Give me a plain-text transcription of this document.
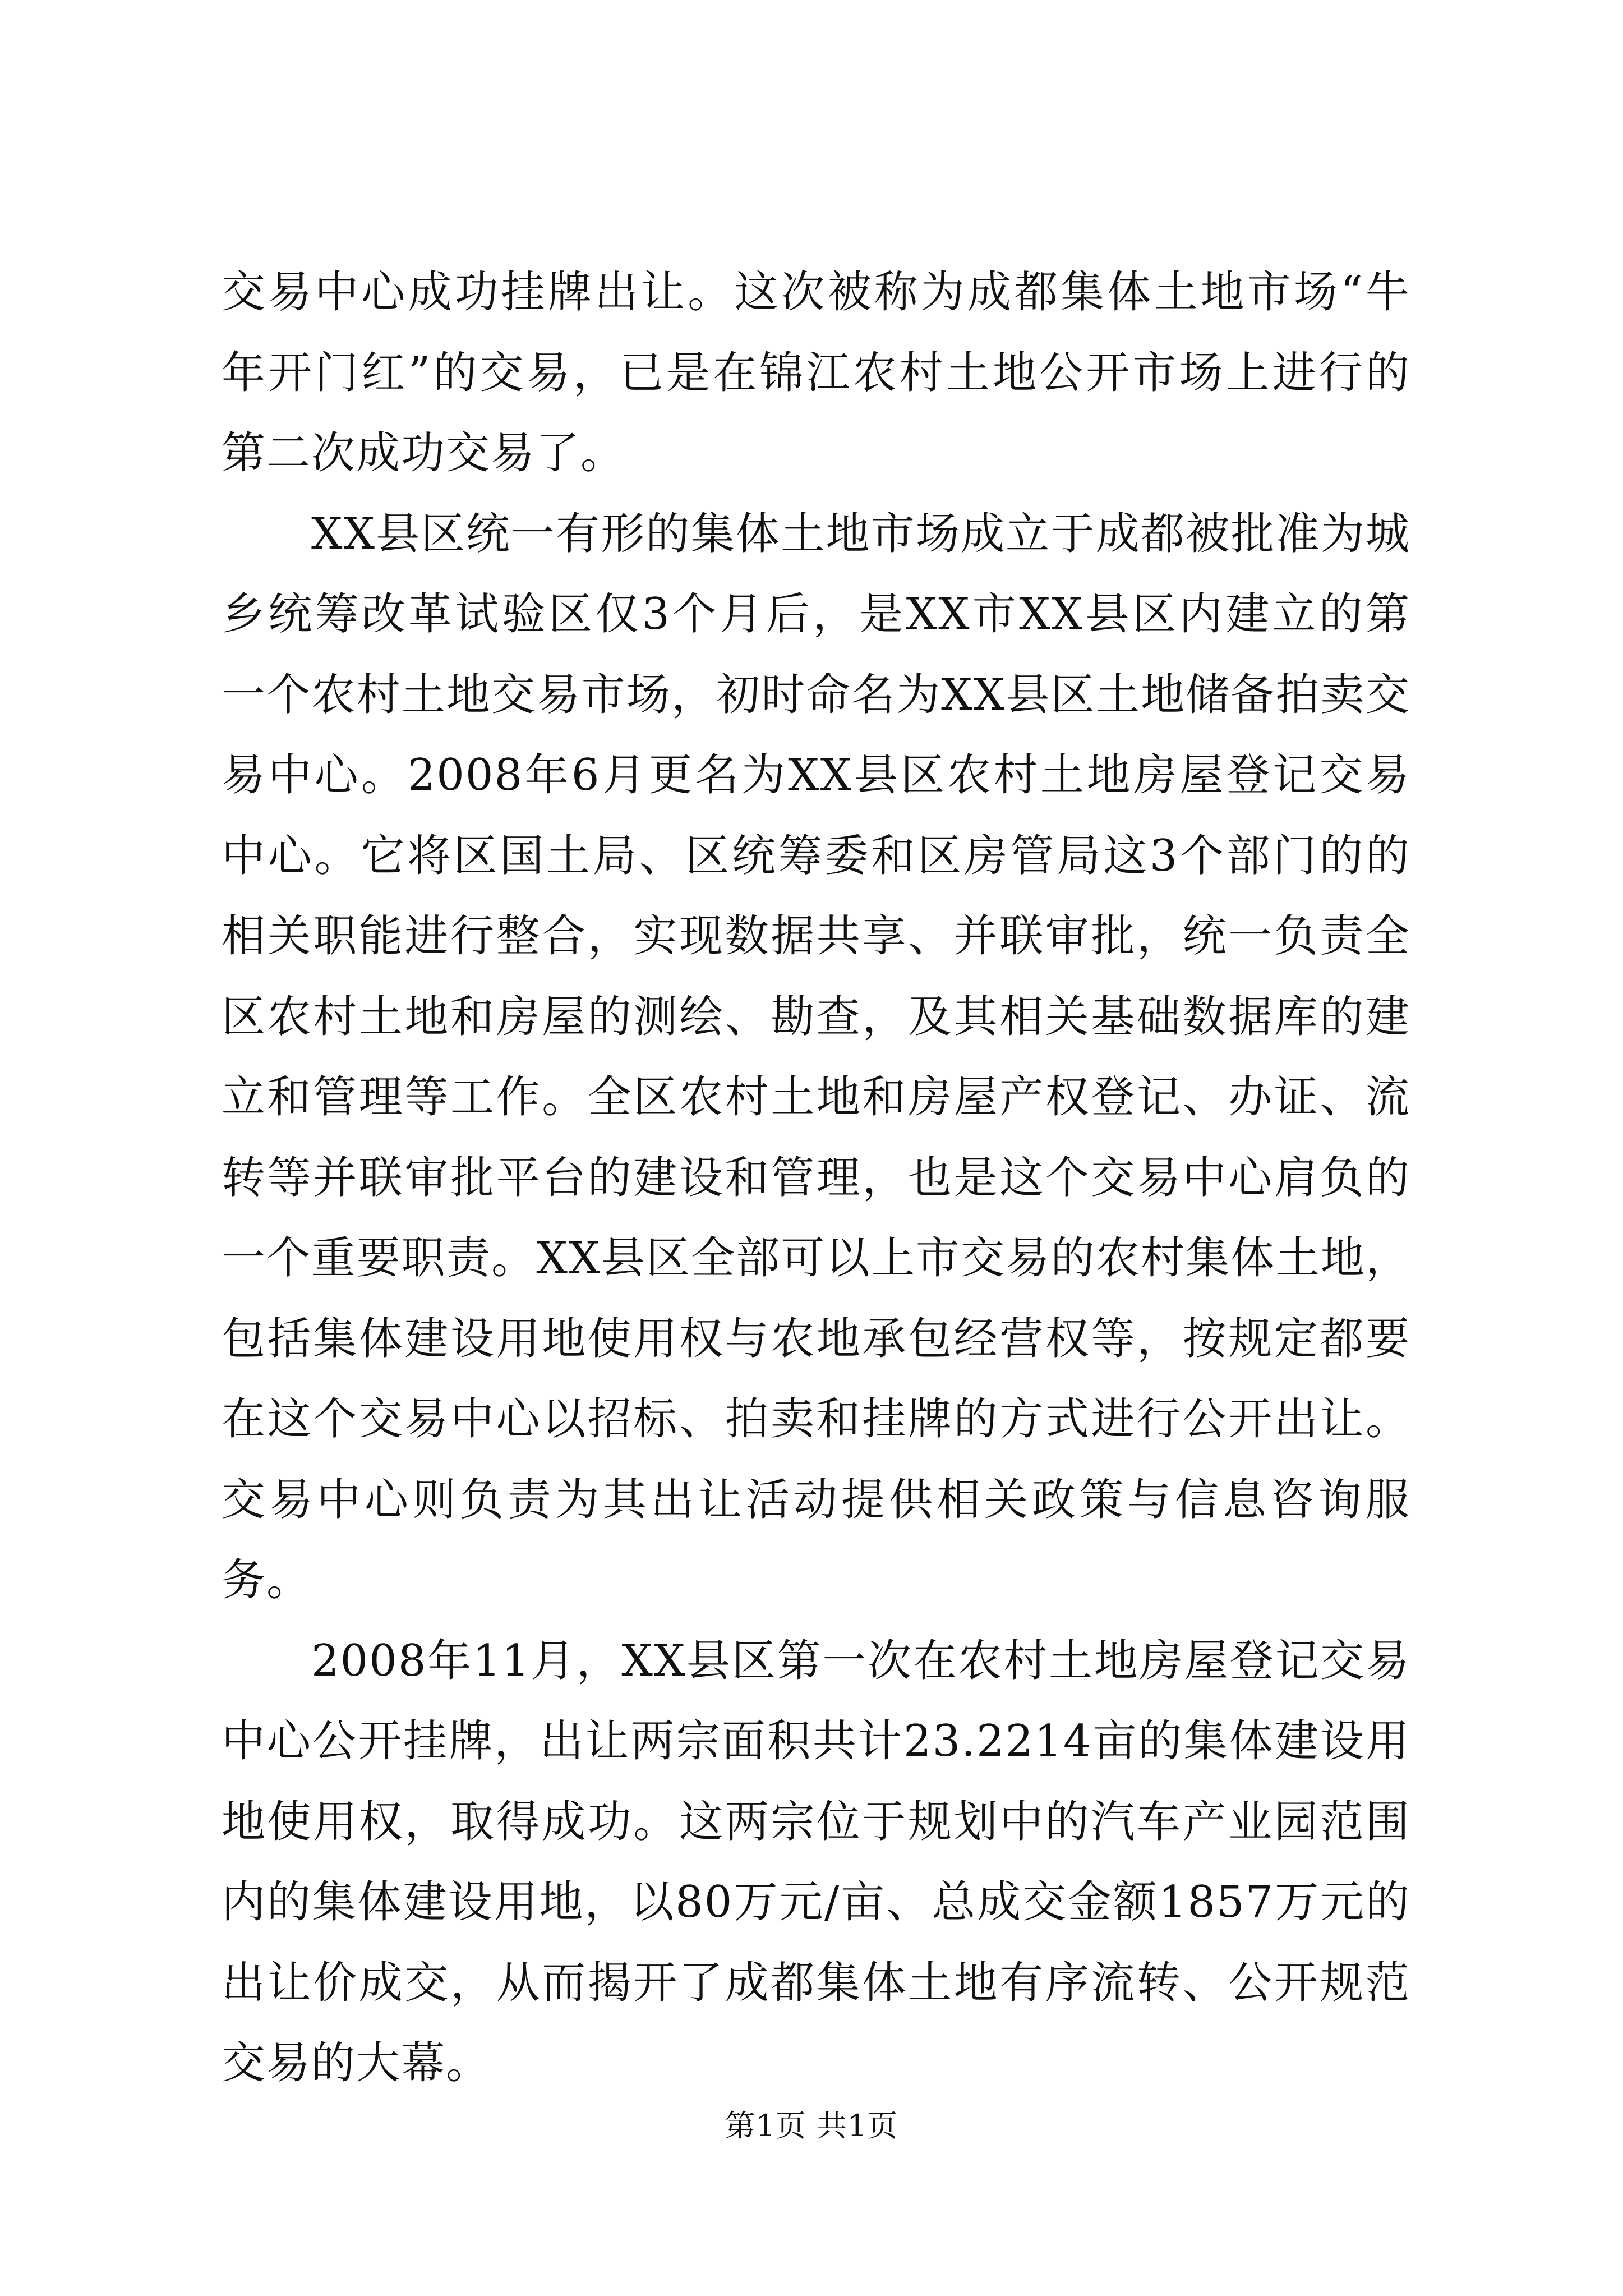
交易中心成功挂牌出让。这次被称为成都集体土地市场“牛年开门红”的交易，已是在锦江农村土地公开市场上进行的第二次成功交易了。

XX县区统一有形的集体土地市场成立于成都被批准为城乡统筹改革试验区仅3个月后，是XX市XX县区内建立的第一个农村土地交易市场，初时命名为XX县区土地储备拍卖交易中心。2008年6月更名为XX县区农村土地房屋登记交易中心。它将区国土局、区统筹委和区房管局这3个部门的的相关职能进行整合，实现数据共享、并联审批，统一负责全区农村土地和房屋的测绘、勘查，及其相关基础数据库的建立和管理等工作。全区农村土地和房屋产权登记、办证、流转等并联审批平台的建设和管理，也是这个交易中心肩负的一个重要职责。XX县区全部可以上市交易的农村集体土地，包括集体建设用地使用权与农地承包经营权等，按规定都要在这个交易中心以招标、拍卖和挂牌的方式进行公开出让。交易中心则负责为其出让活动提供相关政策与信息咨询服务。

2008年11月，XX县区第一次在农村土地房屋登记交易中心公开挂牌，出让两宗面积共计23.2214亩的集体建设用地使用权，取得成功。这两宗位于规划中的汽车产业园范围内的集体建设用地，以80万元/亩、总成交金额1857万元的出让价成交，从而揭开了成都集体土地有序流转、公开规范交易的大幕。

第1页 共1页
